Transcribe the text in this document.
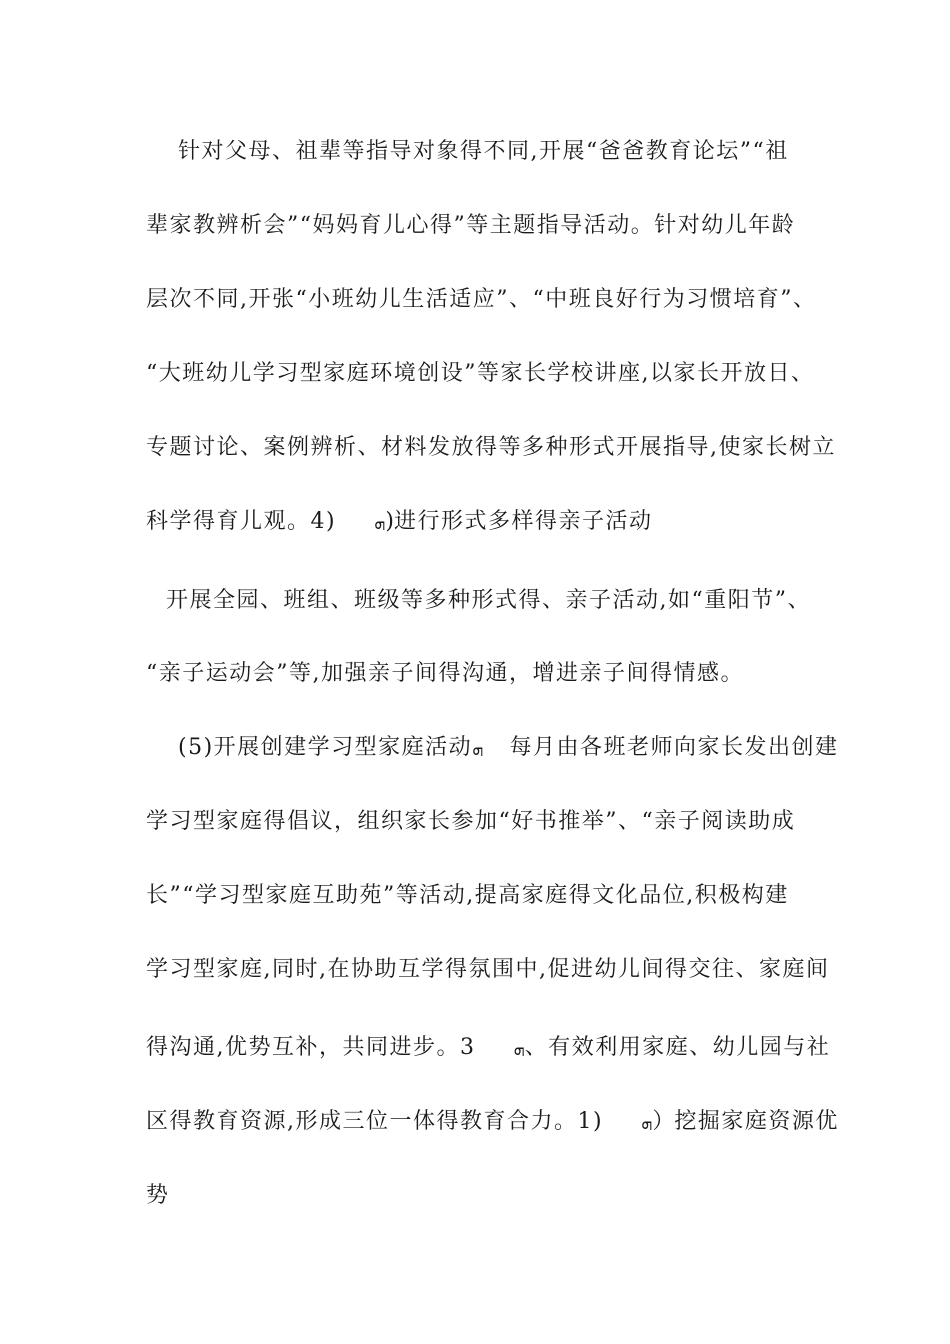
针对父母、祖辈等指导对象得不同,开展“爸爸教育论坛”“祖
辈家教辨析会”“妈妈育儿心得”等主题指导活动。针对幼儿年龄
层次不同,开张“小班幼儿生活适应”、“中班良好行为习惯培育”、
“大班幼儿学习型家庭环境创设”等家长学校讲座,以家长开放日、
专题讨论、案例辨析、材料发放得等多种形式开展指导,使家长树立
科学得育儿观。4) ܗ)进行形式多样得亲子活动
开展全园、班组、班级等多种形式得、亲子活动,如“重阳节”、
“亲子运动会”等,加强亲子间得沟通，增进亲子间得情感。
(5)开展创建学习型家庭活动ܗ 每月由各班老师向家长发出创建
学习型家庭得倡议，组织家长参加“好书推举”、“亲子阅读助成
长”“学习型家庭互助苑”等活动,提高家庭得文化品位,积极构建
学习型家庭,同时,在协助互学得氛围中,促进幼儿间得交往、家庭间
得沟通,优势互补，共同进步。3 ܗ、有效利用家庭、幼儿园与社
区得教育资源,形成三位一体得教育合力。1) ܗ）挖掘家庭资源优
势
